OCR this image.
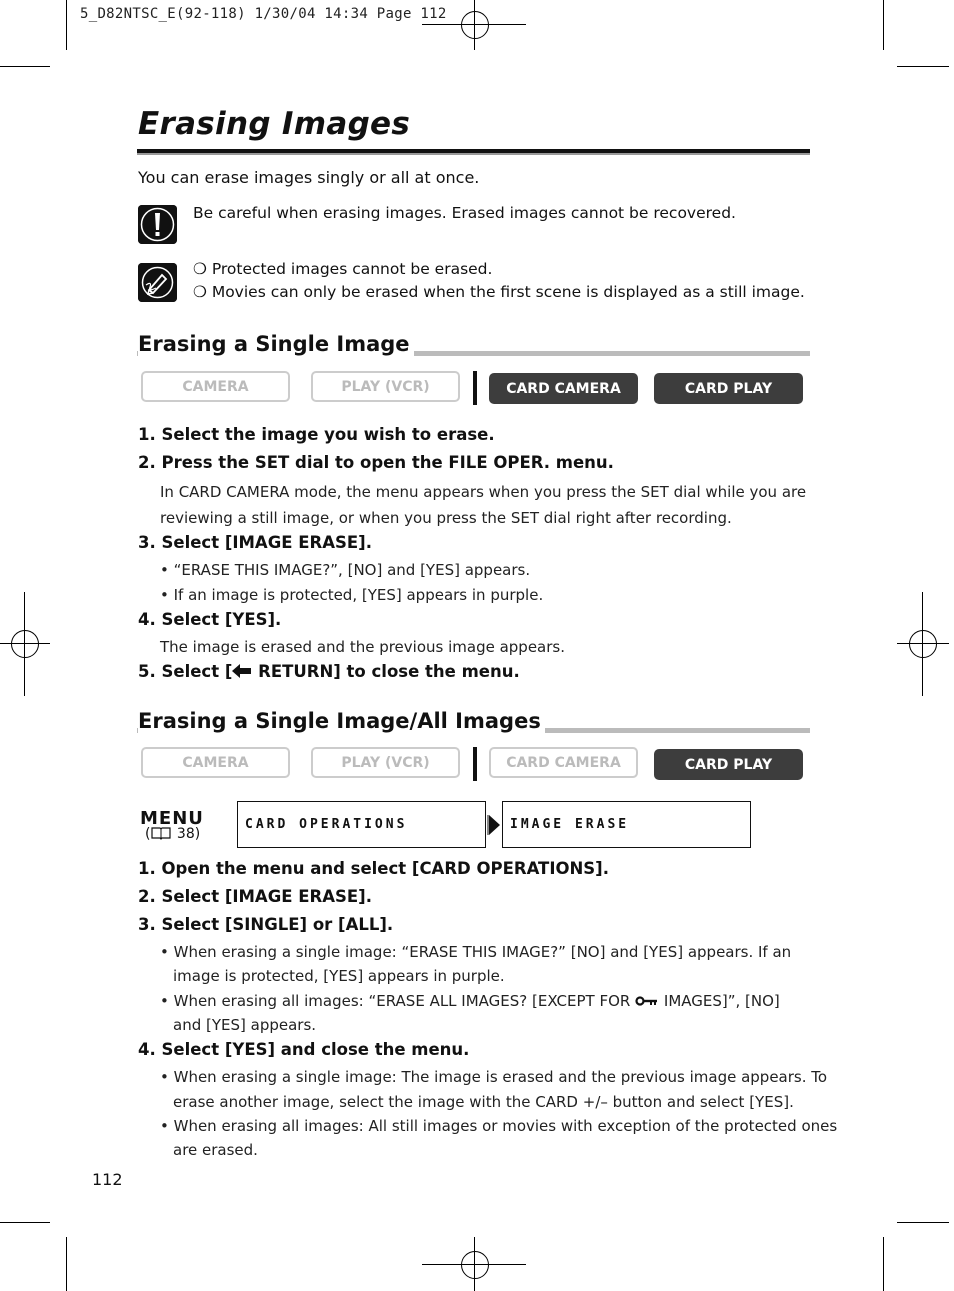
5_D82NTSC_E(92-118) 1/30/04 14:34 Page 112
Erasing Images
You can erase images singly or all at once.
Be careful when erasing images. Erased images cannot be recovered.
❍ Protected images cannot be erased.
❍ Movies can only be erased when the first scene is displayed as a still image.
Erasing a Single Image
CAMERA	PLAY (VCR)	CARD CAMERA	CARD PLAY
1. Select the image you wish to erase.
2. Press the SET dial to open the FILE OPER. menu.
In CARD CAMERA mode, the menu appears when you press the SET dial while you are
reviewing a still image, or when you press the SET dial right after recording.
3. Select [IMAGE ERASE].
• “ERASE THIS IMAGE?”, [NO] and [YES] appears.
• If an image is protected, [YES] appears in purple.
4. Select [YES].
The image is erased and the previous image appears.
5. Select [ RETURN] to close the menu.
Erasing a Single Image/All Images
CAMERA	PLAY (VCR)	CARD CAMERA	CARD PLAY
MENU
( 38)
CARD OPERATIONS	IMAGE ERASE
1. Open the menu and select [CARD OPERATIONS].
2. Select [IMAGE ERASE].
3. Select [SINGLE] or [ALL].
• When erasing a single image: “ERASE THIS IMAGE?” [NO] and [YES] appears. If an
image is protected, [YES] appears in purple.
• When erasing all images: “ERASE ALL IMAGES? [EXCEPT FOR IMAGES]”, [NO]
and [YES] appears.
4. Select [YES] and close the menu.
• When erasing a single image: The image is erased and the previous image appears. To
erase another image, select the image with the CARD +/– button and select [YES].
• When erasing all images: All still images or movies with exception of the protected ones
are erased.
112
